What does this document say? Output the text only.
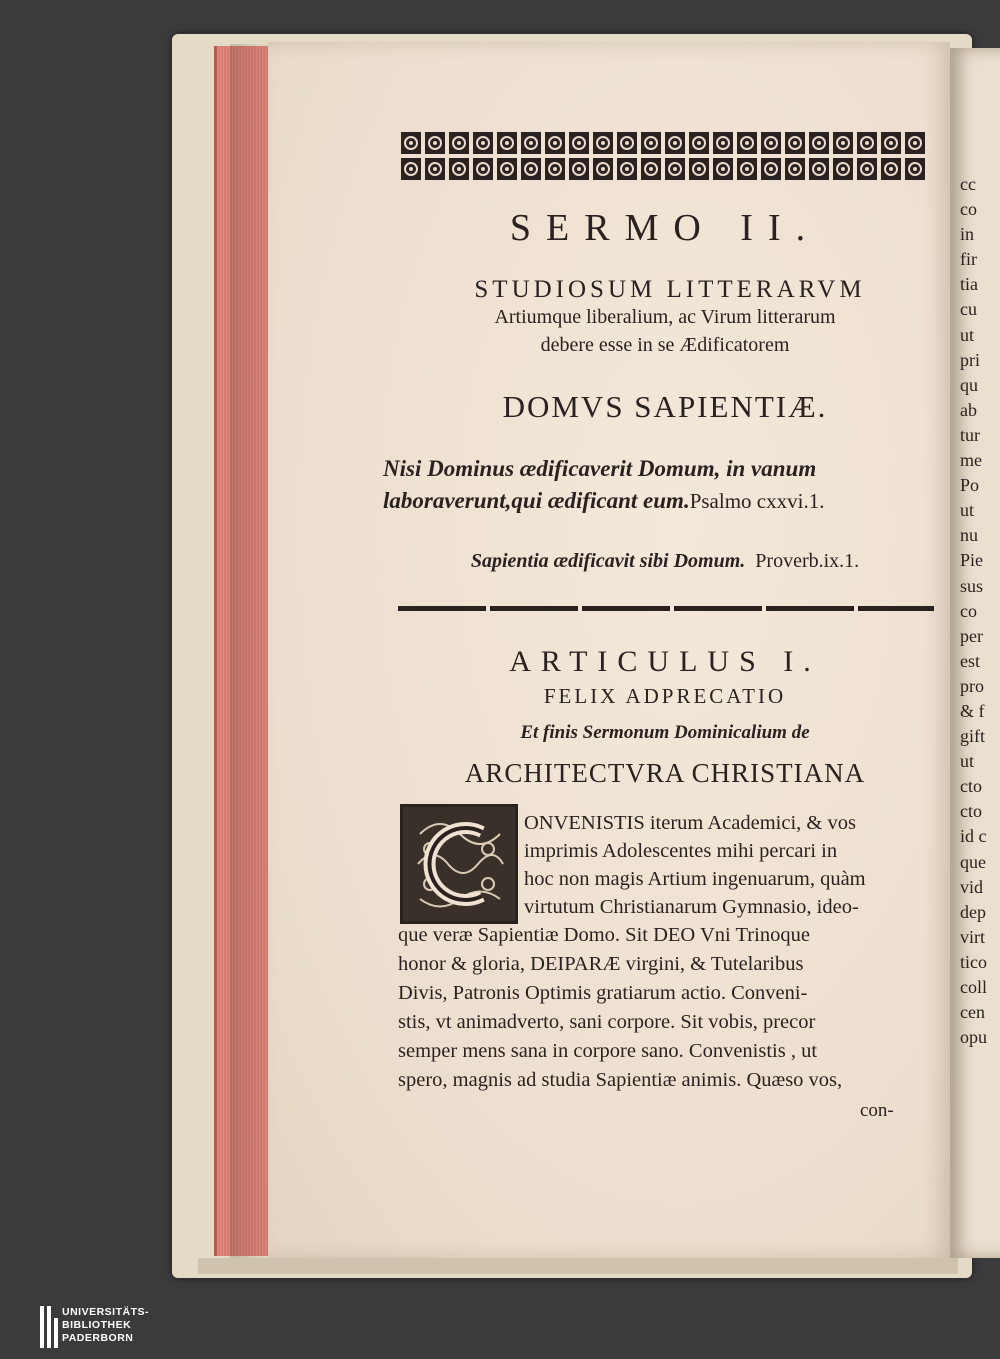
SERMO II.
STUDIOSUM LITTERARVM
Artiumque liberalium, ac Virum litterarum
debere esse in se Ædificatorem
DOMVS SAPIENTIÆ.
Nisi Dominus ædificaverit Domum, in vanum
laboraverunt,qui ædificant eum.Psalmo cxxvi.1.
Sapientia ædificavit sibi Domum. Proverb.ix.1.
ARTICULUS I.
FELIX ADPRECATIO
Et finis Sermonum Dominicalium de
ARCHITECTVRA CHRISTIANA
ONVENISTIS iterum Academici, & vos
imprimis Adolescentes mihi percari in
hoc non magis Artium ingenuarum, quàm
virtutum Christianarum Gymnasio, ideo-
que veræ Sapientiæ Domo. Sit DEO Vni Trinoque
honor & gloria, DEIPARÆ virgini, & Tutelaribus
Divis, Patronis Optimis gratiarum actio. Conveni-
stis, vt animadverto, sani corpore. Sit vobis, precor
semper mens sana in corpore sano. Convenistis , ut
spero, magnis ad studia Sapientiæ animis. Quæso vos,
con-
cc
co
in
fir
tia
cu
ut
pri
qu
ab
tur
me
Po
ut
nu
Pie
sus
co
per
est
pro
& f
gift
ut
cto
cto
id c
que
vid
dep
virt
tico
coll
cen
opu
UNIVERSITÄTS-
BIBLIOTHEK
PADERBORN
